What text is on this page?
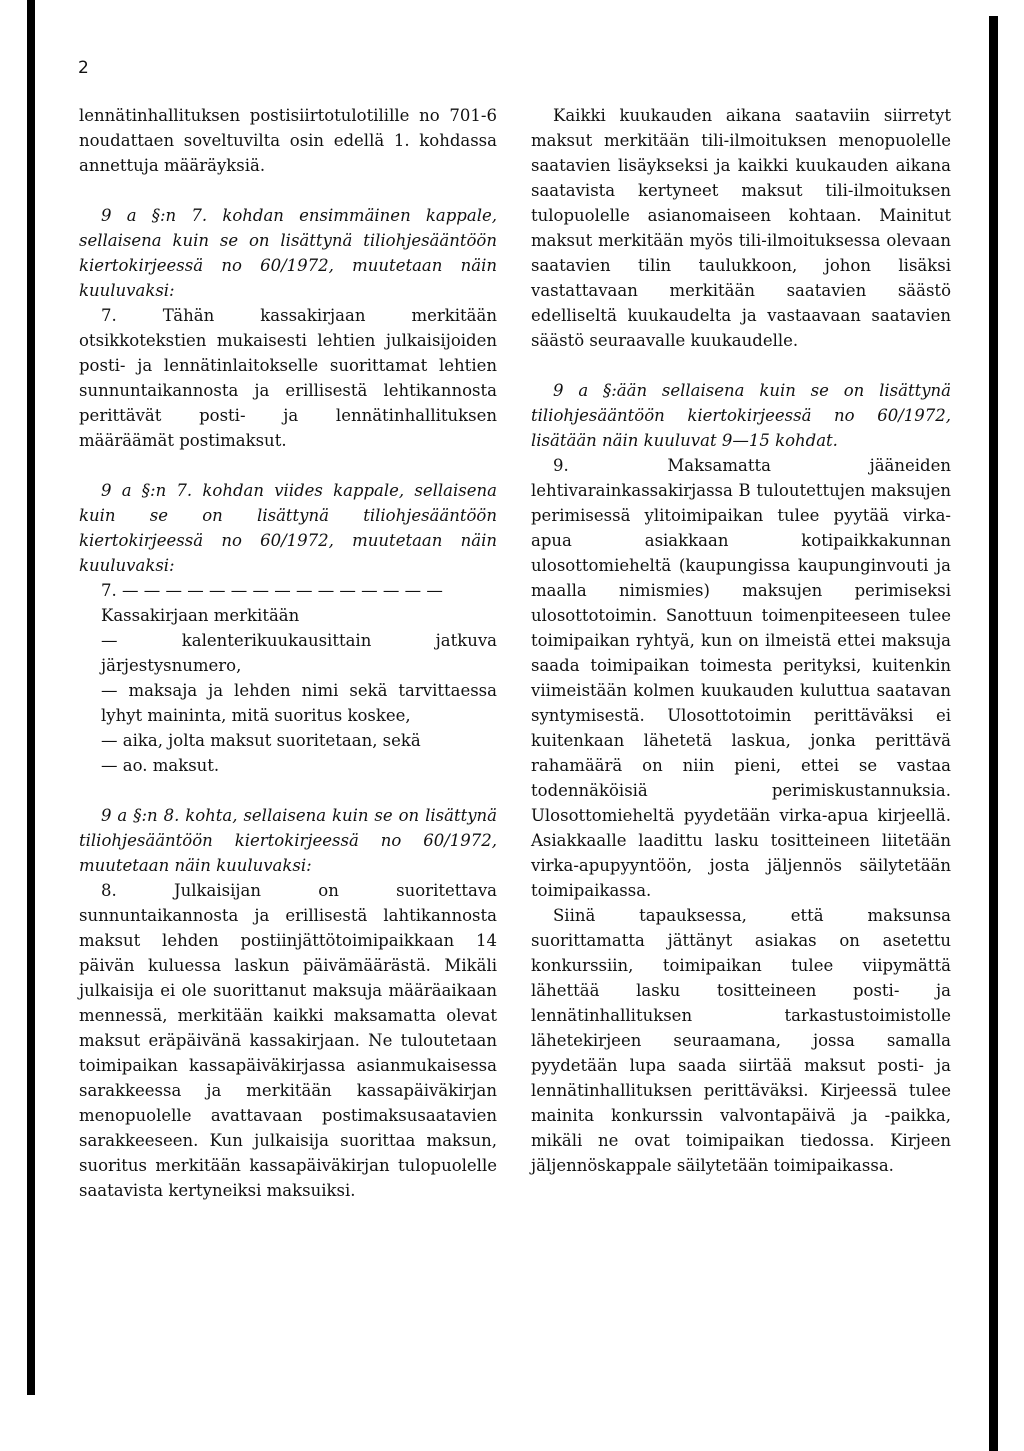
2

lennätinhallituksen postisiirtotulotilille no 701-6 noudattaen soveltuvilta osin edellä 1. kohdassa annettuja määräyksiä.

9 a §:n 7. kohdan ensimmäinen kappale, sellaisena kuin se on lisättynä tiliohjesääntöön kiertokirjeessä no 60/1972, muutetaan näin kuuluvaksi:

7. Tähän kassakirjaan merkitään otsikkotekstien mukaisesti lehtien julkaisijoiden posti- ja lennätinlaitokselle suorittamat lehtien sunnuntaikannosta ja erillisestä lehtikannosta perittävät posti- ja lennätinhallituksen määräämät postimaksut.

9 a §:n 7. kohdan viides kappale, sellaisena kuin se on lisättynä tiliohjesääntöön kiertokirjeessä no 60/1972, muutetaan näin kuuluvaksi:

7. — — — — — — — — — — — — — — —

Kassakirjaan merkitään

— kalenterikuukausittain jatkuva järjestysnumero,

— maksaja ja lehden nimi sekä tarvittaessa lyhyt maininta, mitä suoritus koskee,

— aika, jolta maksut suoritetaan, sekä

— ao. maksut.

9 a §:n 8. kohta, sellaisena kuin se on lisättynä tiliohjesääntöön kiertokirjeessä no 60/1972, muutetaan näin kuuluvaksi:

8. Julkaisijan on suoritettava sunnuntaikannosta ja erillisestä lahtikannosta maksut lehden postiinjättötoimipaikkaan 14 päivän kuluessa laskun päivämäärästä. Mikäli julkaisija ei ole suorittanut maksuja määräaikaan mennessä, merkitään kaikki maksamatta olevat maksut eräpäivänä kassakirjaan. Ne tuloutetaan toimipaikan kassapäiväkirjassa asianmukaisessa sarakkeessa ja merkitään kassapäiväkirjan menopuolelle avattavaan postimaksusaatavien sarakkeeseen. Kun julkaisija suorittaa maksun, suoritus merkitään kassapäiväkirjan tulopuolelle saatavista kertyneiksi maksuiksi.

Kaikki kuukauden aikana saataviin siirretyt maksut merkitään tili-ilmoituksen menopuolelle saatavien lisäykseksi ja kaikki kuukauden aikana saatavista kertyneet maksut tili-ilmoituksen tulopuolelle asianomaiseen kohtaan. Mainitut maksut merkitään myös tili-ilmoituksessa olevaan saatavien tilin taulukkoon, johon lisäksi vastattavaan merkitään saatavien säästö edelliseltä kuukaudelta ja vastaavaan saatavien säästö seuraavalle kuukaudelle.

9 a §:ään sellaisena kuin se on lisättynä tiliohjesääntöön kiertokirjeessä no 60/1972, lisätään näin kuuluvat 9—15 kohdat.

9. Maksamatta jääneiden lehtivarainkassakirjassa B tuloutettujen maksujen perimisessä ylitoimipaikan tulee pyytää virka-apua asiakkaan kotipaikkakunnan ulosottomieheltä (kaupungissa kaupunginvouti ja maalla nimismies) maksujen perimiseksi ulosottotoimin. Sanottuun toimenpiteeseen tulee toimipaikan ryhtyä, kun on ilmeistä ettei maksuja saada toimipaikan toimesta perityksi, kuitenkin viimeistään kolmen kuukauden kuluttua saatavan syntymisestä. Ulosottotoimin perittäväksi ei kuitenkaan lähetetä laskua, jonka perittävä rahamäärä on niin pieni, ettei se vastaa todennäköisiä perimiskustannuksia. Ulosottomieheltä pyydetään virka-apua kirjeellä. Asiakkaalle laadittu lasku tositteineen liitetään virka-apupyyntöön, josta jäljennös säilytetään toimipaikassa.

Siinä tapauksessa, että maksunsa suorittamatta jättänyt asiakas on asetettu konkurssiin, toimipaikan tulee viipymättä lähettää lasku tositteineen posti- ja lennätinhallituksen tarkastustoimistolle lähetekirjeen seuraamana, jossa samalla pyydetään lupa saada siirtää maksut posti- ja lennätinhallituksen perittäväksi. Kirjeessä tulee mainita konkurssin valvontapäivä ja -paikka, mikäli ne ovat toimipaikan tiedossa. Kirjeen jäljennöskappale säilytetään toimipaikassa.
